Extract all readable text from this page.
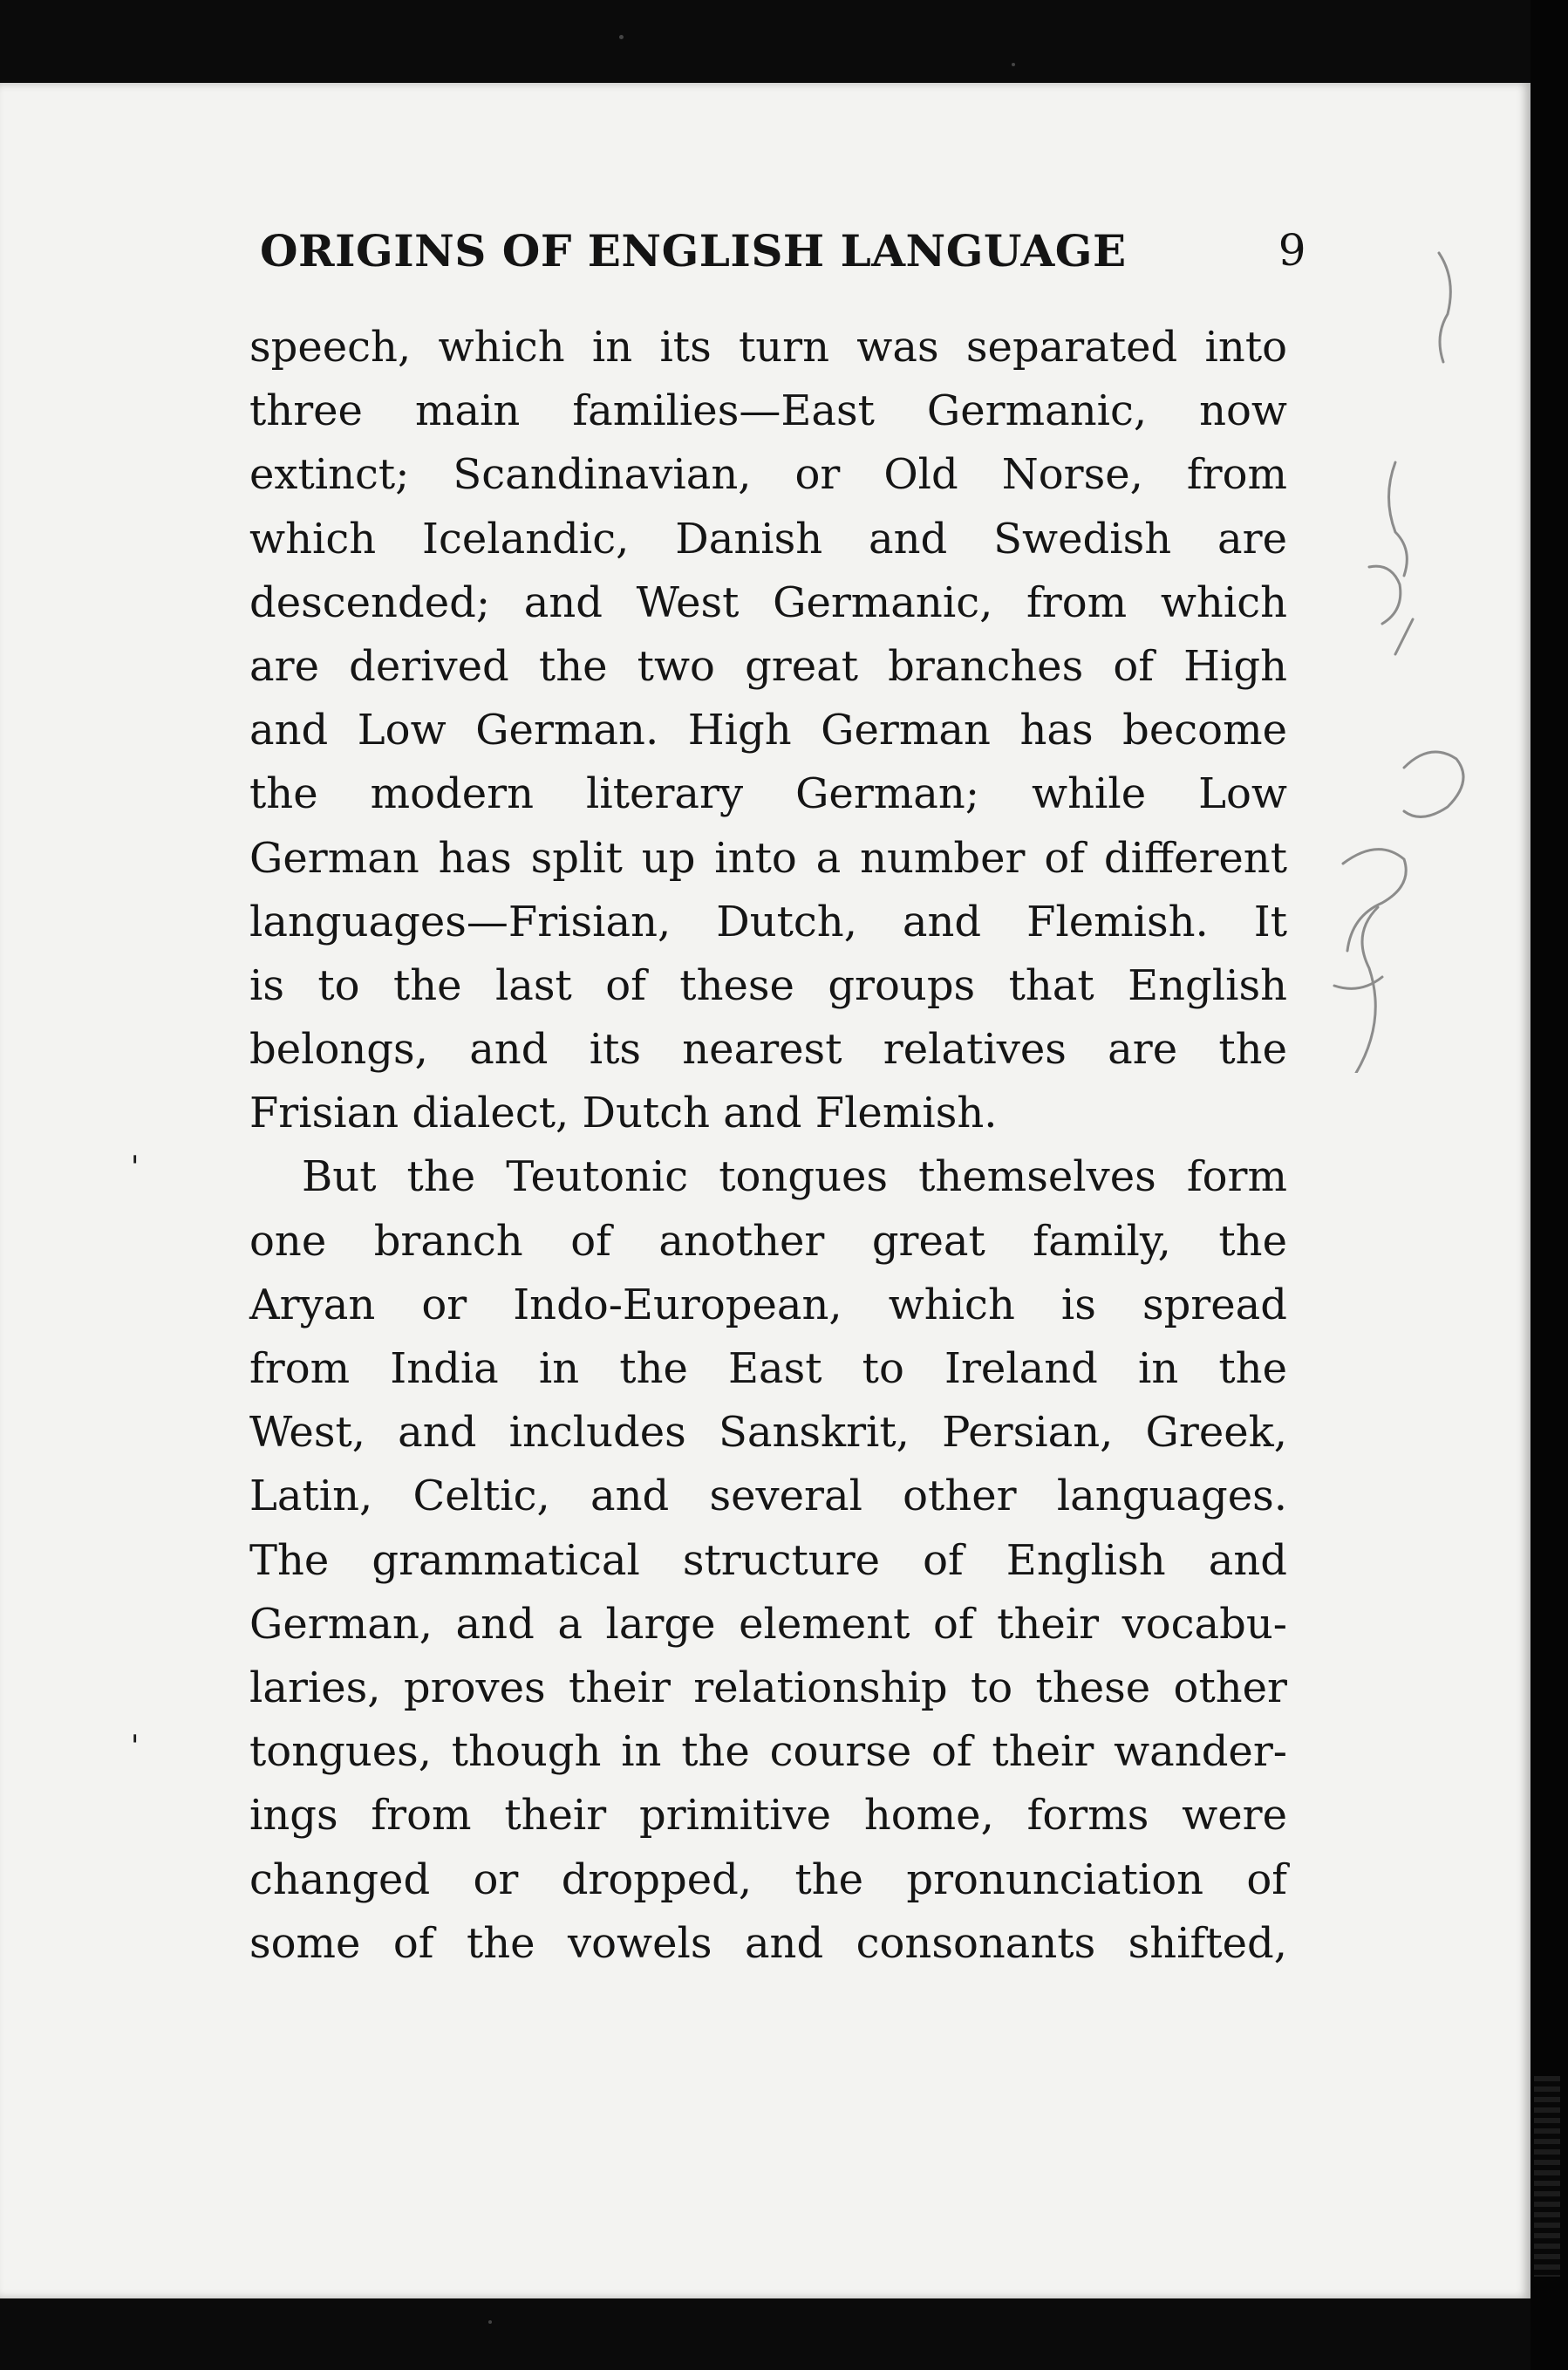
ORIGINS OF ENGLISH LANGUAGE	9
speech, which in its turn was separated into
three main families—East Germanic, now
extinct; Scandinavian, or Old Norse, from
which Icelandic, Danish and Swedish are
descended; and West Germanic, from which
are derived the two great branches of High
and Low German. High German has become
the modern literary German; while Low
German has split up into a number of different
languages—Frisian, Dutch, and Flemish. It
is to the last of these groups that English
belongs, and its nearest relatives are the
Frisian dialect, Dutch and Flemish.
But the Teutonic tongues themselves form
one branch of another great family, the
Aryan or Indo-European, which is spread
from India in the East to Ireland in the
West, and includes Sanskrit, Persian, Greek,
Latin, Celtic, and several other languages.
The grammatical structure of English and
German, and a large element of their vocabu-
laries, proves their relationship to these other
tongues, though in the course of their wander-
ings from their primitive home, forms were
changed or dropped, the pronunciation of
some of the vowels and consonants shifted,
'
'
